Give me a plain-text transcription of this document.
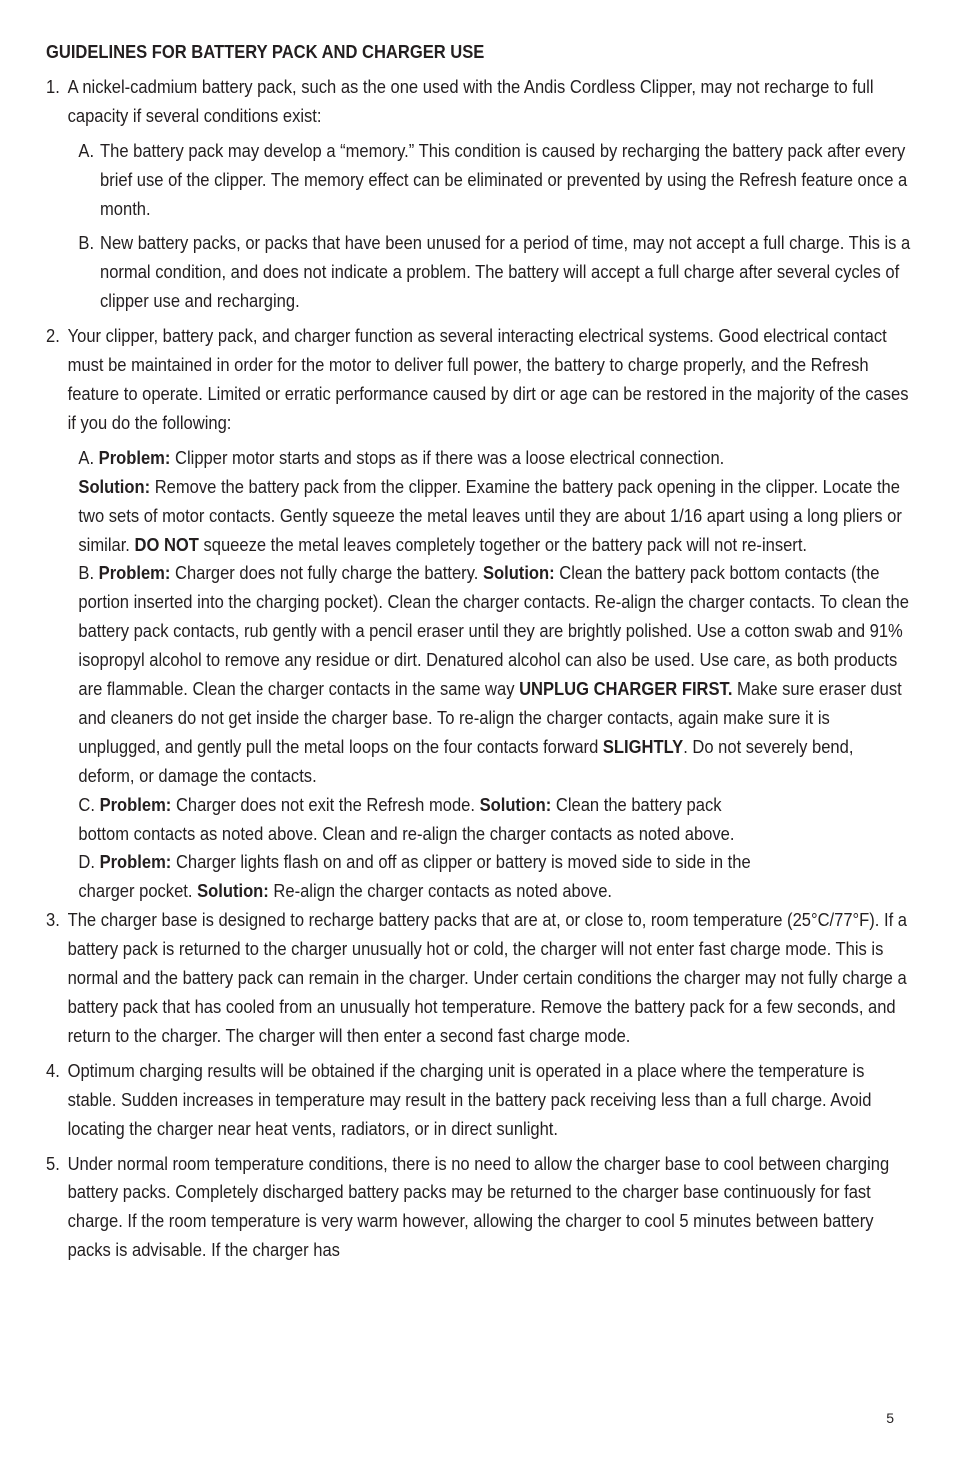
GUIDELINES FOR BATTERY PACK AND CHARGER USE
1. A nickel-cadmium battery pack, such as the one used with the Andis Cordless Clipper, may not recharge to full capacity if several conditions exist:
A. The battery pack may develop a “memory.” This condition is caused by recharging the battery pack after every brief use of the clipper. The memory effect can be eliminated or prevented by using the Refresh feature once a month.
B. New battery packs, or packs that have been unused for a period of time, may not accept a full charge. This is a normal condition, and does not indicate a problem. The battery will accept a full charge after several cycles of clipper use and recharging.
2. Your clipper, battery pack, and charger function as several interacting electrical systems. Good electrical contact must be maintained in order for the motor to deliver full power, the battery to charge properly, and the Refresh feature to operate. Limited or erratic performance caused by dirt or age can be restored in the majority of the cases if you do the following:

A. Problem: Clipper motor starts and stops as if there was a loose electrical connection.
Solution: Remove the battery pack from the clipper. Examine the battery pack opening in the clipper. Locate the two sets of motor contacts. Gently squeeze the metal leaves until they are about 1/16 apart using a long pliers or similar. DO NOT squeeze the metal leaves completely together or the battery pack will not re-insert.

B. Problem: Charger does not fully charge the battery. Solution: Clean the battery pack bottom contacts (the portion inserted into the charging pocket). Clean the charger contacts. Re-align the charger contacts. To clean the battery pack contacts, rub gently with a pencil eraser until they are brightly polished. Use a cotton swab and 91% isopropyl alcohol to remove any residue or dirt. Denatured alcohol can also be used. Use care, as both products are flammable. Clean the charger contacts in the same way UNPLUG CHARGER FIRST. Make sure eraser dust and cleaners do not get inside the charger base. To re-align the charger contacts, again make sure it is unplugged, and gently pull the metal loops on the four contacts forward SLIGHTLY. Do not severely bend, deform, or damage the contacts.

C. Problem: Charger does not exit the Refresh mode. Solution: Clean the battery pack bottom contacts as noted above. Clean and re-align the charger contacts as noted above.

D. Problem: Charger lights flash on and off as clipper or battery is moved side to side in the charger pocket. Solution: Re-align the charger contacts as noted above.

3. The charger base is designed to recharge battery packs that are at, or close to, room temperature (25°C/77°F). If a battery pack is returned to the charger unusually hot or cold, the charger will not enter fast charge mode. This is normal and the battery pack can remain in the charger. Under certain conditions the charger may not fully charge a battery pack that has cooled from an unusually hot temperature. Remove the battery pack for a few seconds, and return to the charger. The charger will then enter a second fast charge mode.
4. Optimum charging results will be obtained if the charging unit is operated in a place where the temperature is stable. Sudden increases in temperature may result in the battery pack receiving less than a full charge. Avoid locating the charger near heat vents, radiators, or in direct sunlight.
5. Under normal room temperature conditions, there is no need to allow the charger base to cool between charging battery packs. Completely discharged battery packs may be returned to the charger base continuously for fast charge. If the room temperature is very warm however, allowing the charger to cool 5 minutes between battery packs is advisable. If the charger has
5
